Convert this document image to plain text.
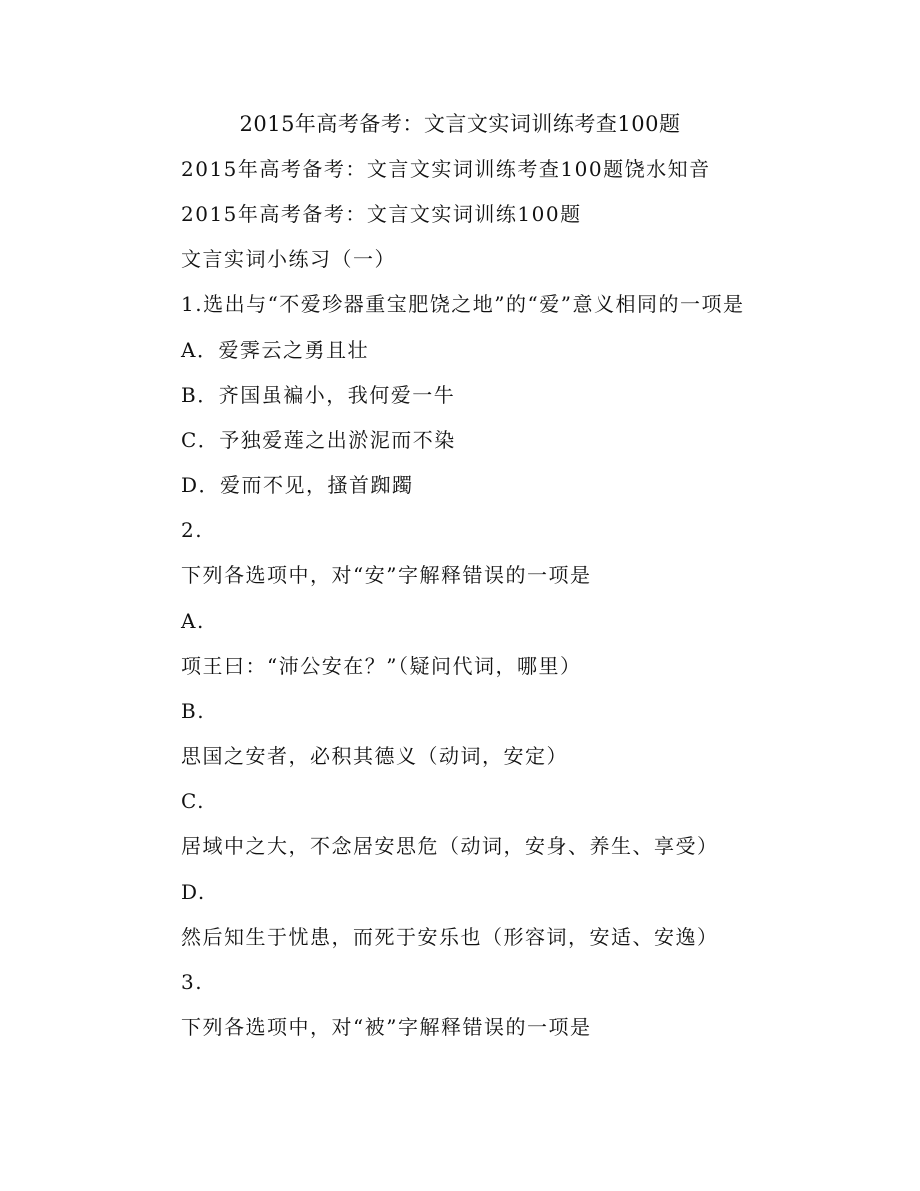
2015年高考备考：文言文实词训练考查100题
2015年高考备考：文言文实词训练考查100题饶水知音
2015年高考备考：文言文实词训练100题
文言实词小练习（一）
1.选出与“不爱珍器重宝肥饶之地”的“爱”意义相同的一项是
A．爱霁云之勇且壮
B．齐国虽褊小，我何爱一牛
C．予独爱莲之出淤泥而不染
D．爱而不见，搔首踟躅
2.
下列各选项中，对“安”字解释错误的一项是
A.
项王曰：“沛公安在？”（疑问代词，哪里）
B.
思国之安者，必积其德义（动词，安定）
C.
居域中之大，不念居安思危（动词，安身、养生、享受）
D.
然后知生于忧患，而死于安乐也（形容词，安适、安逸）
3.
下列各选项中，对“被”字解释错误的一项是
